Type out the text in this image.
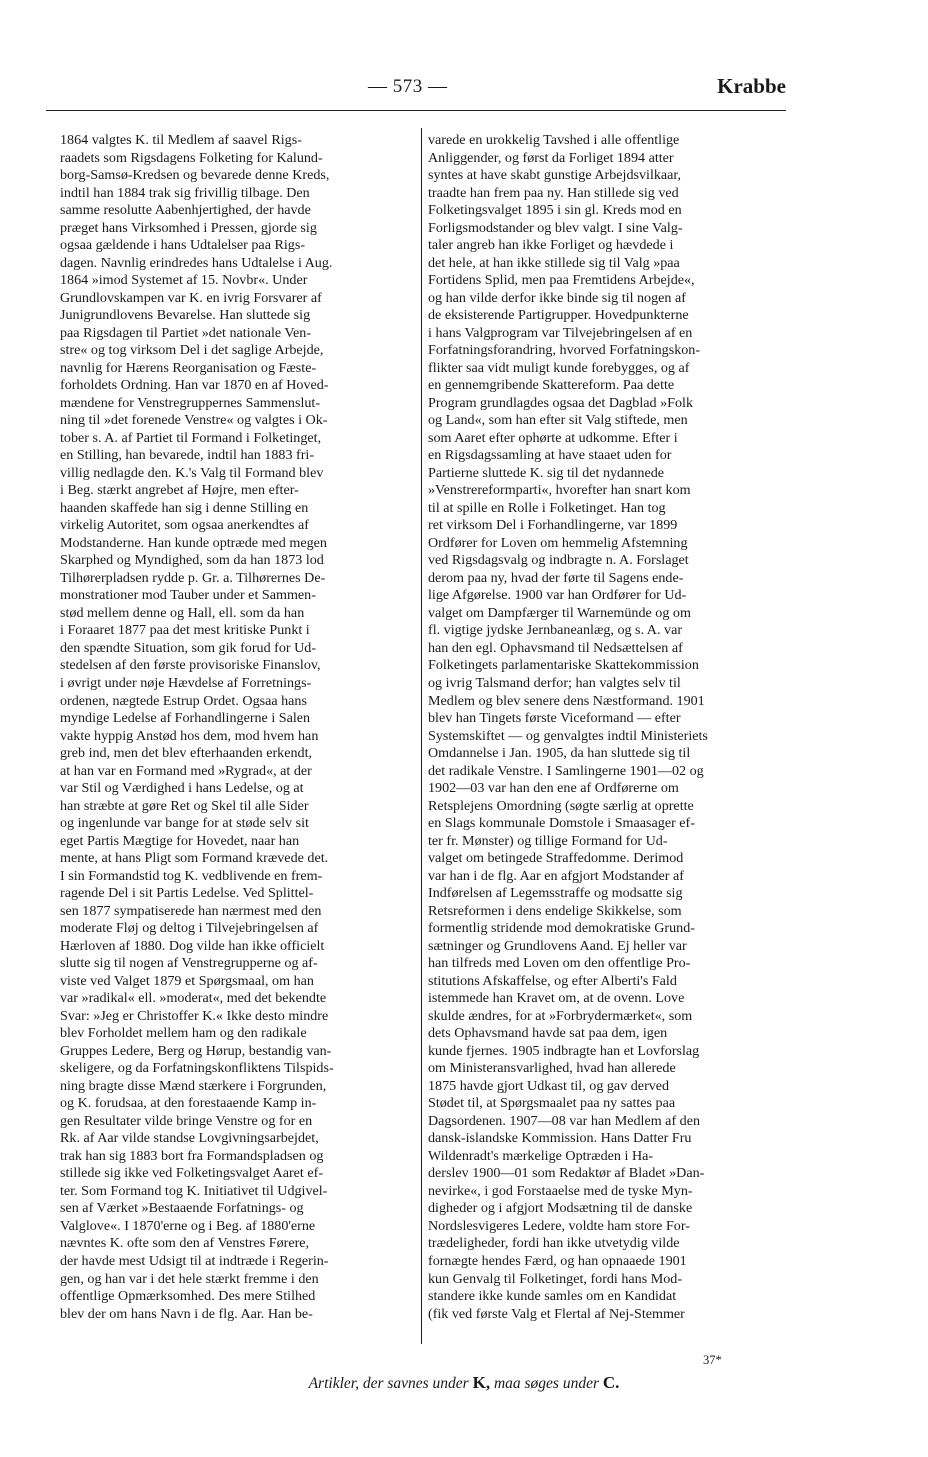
— 573 —	Krabbe
1864 valgtes K. til Medlem af saavel Rigs-
raadets som Rigsdagens Folketing for Kalund-
borg-Samsø-Kredsen og bevarede denne Kreds,
indtil han 1884 trak sig frivillig tilbage. Den
samme resolutte Aabenhjertighed, der havde
præget hans Virksomhed i Pressen, gjorde sig
ogsaa gældende i hans Udtalelser paa Rigs-
dagen. Navnlig erindredes hans Udtalelse i Aug.
1864 »imod Systemet af 15. Novbr«. Under
Grundlovskampen var K. en ivrig Forsvarer af
Junigrundlovens Bevarelse. Han sluttede sig
paa Rigsdagen til Partiet »det nationale Ven-
stre« og tog virksom Del i det saglige Arbejde,
navnlig for Hærens Reorganisation og Fæste-
forholdets Ordning. Han var 1870 en af Hoved-
mændene for Venstregruppernes Sammenslut-
ning til »det forenede Venstre« og valgtes i Ok-
tober s. A. af Partiet til Formand i Folketinget,
en Stilling, han bevarede, indtil han 1883 fri-
villig nedlagde den. K.'s Valg til Formand blev
i Beg. stærkt angrebet af Højre, men efter-
haanden skaffede han sig i denne Stilling en
virkelig Autoritet, som ogsaa anerkendtes af
Modstanderne. Han kunde optræde med megen
Skarphed og Myndighed, som da han 1873 lod
Tilhørerpladsen rydde p. Gr. a. Tilhørernes De-
monstrationer mod Tauber under et Sammen-
stød mellem denne og Hall, ell. som da han
i Foraaret 1877 paa det mest kritiske Punkt i
den spændte Situation, som gik forud for Ud-
stedelsen af den første provisoriske Finanslov,
i øvrigt under nøje Hævdelse af Forretnings-
ordenen, nægtede Estrup Ordet. Ogsaa hans
myndige Ledelse af Forhandlingerne i Salen
vakte hyppig Anstød hos dem, mod hvem han
greb ind, men det blev efterhaanden erkendt,
at han var en Formand med »Rygrad«, at der
var Stil og Værdighed i hans Ledelse, og at
han stræbte at gøre Ret og Skel til alle Sider
og ingenlunde var bange for at støde selv sit
eget Partis Mægtige for Hovedet, naar han
mente, at hans Pligt som Formand krævede det.
I sin Formandstid tog K. vedblivende en frem-
ragende Del i sit Partis Ledelse. Ved Splittel-
sen 1877 sympatiserede han nærmest med den
moderate Fløj og deltog i Tilvejebringelsen af
Hærloven af 1880. Dog vilde han ikke officielt
slutte sig til nogen af Venstregrupperne og af-
viste ved Valget 1879 et Spørgsmaal, om han
var »radikal« ell. »moderat«, med det bekendte
Svar: »Jeg er Christoffer K.« Ikke desto mindre
blev Forholdet mellem ham og den radikale
Gruppes Ledere, Berg og Hørup, bestandig van-
skeligere, og da Forfatningskonfliktens Tilspids-
ning bragte disse Mænd stærkere i Forgrunden,
og K. forudsaa, at den forestaaende Kamp in-
gen Resultater vilde bringe Venstre og for en
Rk. af Aar vilde standse Lovgivningsarbejdet,
trak han sig 1883 bort fra Formandspladsen og
stillede sig ikke ved Folketingsvalget Aaret ef-
ter. Som Formand tog K. Initiativet til Udgivel-
sen af Værket »Bestaaende Forfatnings- og
Valglove«. I 1870'erne og i Beg. af 1880'erne
nævntes K. ofte som den af Venstres Førere,
der havde mest Udsigt til at indtræde i Regerin-
gen, og han var i det hele stærkt fremme i den
offentlige Opmærksomhed. Des mere Stilhed
blev der om hans Navn i de flg. Aar. Han be-
varede en urokkelig Tavshed i alle offentlige
Anliggender, og først da Forliget 1894 atter
syntes at have skabt gunstige Arbejdsvilkaar,
traadte han frem paa ny. Han stillede sig ved
Folketingsvalget 1895 i sin gl. Kreds mod en
Forligsmodstander og blev valgt. I sine Valg-
taler angreb han ikke Forliget og hævdede i
det hele, at han ikke stillede sig til Valg »paa
Fortidens Splid, men paa Fremtidens Arbejde«,
og han vilde derfor ikke binde sig til nogen af
de eksisterende Partigrupper. Hovedpunkterne
i hans Valgprogram var Tilvejebringelsen af en
Forfatningsforandring, hvorved Forfatningskon-
flikter saa vidt muligt kunde forebygges, og af
en gennemgribende Skattereform. Paa dette
Program grundlagdes ogsaa det Dagblad »Folk
og Land«, som han efter sit Valg stiftede, men
som Aaret efter ophørte at udkomme. Efter i
en Rigsdagssamling at have staaet uden for
Partierne sluttede K. sig til det nydannede
»Venstrereformparti«, hvorefter han snart kom
til at spille en Rolle i Folketinget. Han tog
ret virksom Del i Forhandlingerne, var 1899
Ordfører for Loven om hemmelig Afstemning
ved Rigsdagsvalg og indbragte n. A. Forslaget
derom paa ny, hvad der førte til Sagens ende-
lige Afgørelse. 1900 var han Ordfører for Ud-
valget om Dampfærger til Warnemünde og om
fl. vigtige jydske Jernbaneanlæg, og s. A. var
han den egl. Ophavsmand til Nedsættelsen af
Folketingets parlamentariske Skattekommission
og ivrig Talsmand derfor; han valgtes selv til
Medlem og blev senere dens Næstformand. 1901
blev han Tingets første Viceformand — efter
Systemskiftet — og genvalgtes indtil Ministeriets
Omdannelse i Jan. 1905, da han sluttede sig til
det radikale Venstre. I Samlingerne 1901—02 og
1902—03 var han den ene af Ordførerne om
Retsplejens Omordning (søgte særlig at oprette
en Slags kommunale Domstole i Smaasager ef-
ter fr. Mønster) og tillige Formand for Ud-
valget om betingede Straffedomme. Derimod
var han i de flg. Aar en afgjort Modstander af
Indførelsen af Legemsstraffe og modsatte sig
Retsreformen i dens endelige Skikkelse, som
formentlig stridende mod demokratiske Grund-
sætninger og Grundlovens Aand. Ej heller var
han tilfreds med Loven om den offentlige Pro-
stitutions Afskaffelse, og efter Alberti's Fald
istemmede han Kravet om, at de ovenn. Love
skulde ændres, for at »Forbrydermærket«, som
dets Ophavsmand havde sat paa dem, igen
kunde fjernes. 1905 indbragte han et Lovforslag
om Ministeransvarlighed, hvad han allerede
1875 havde gjort Udkast til, og gav derved
Stødet til, at Spørgsmaalet paa ny sattes paa
Dagsordenen. 1907—08 var han Medlem af den
dansk-islandske Kommission. Hans Datter Fru
Wildenradt's mærkelige Optræden i Ha-
derslev 1900—01 som Redaktør af Bladet »Dan-
nevirke«, i god Forstaaelse med de tyske Myn-
digheder og i afgjort Modsætning til de danske
Nordslesvigeres Ledere, voldte ham store For-
trædeligheder, fordi han ikke utvetydig vilde
fornægte hendes Færd, og han opnaaede 1901
kun Genvalg til Folketinget, fordi hans Mod-
standere ikke kunde samles om en Kandidat
(fik ved første Valg et Flertal af Nej-Stemmer
37*
Artikler, der savnes under K, maa søges under C.
